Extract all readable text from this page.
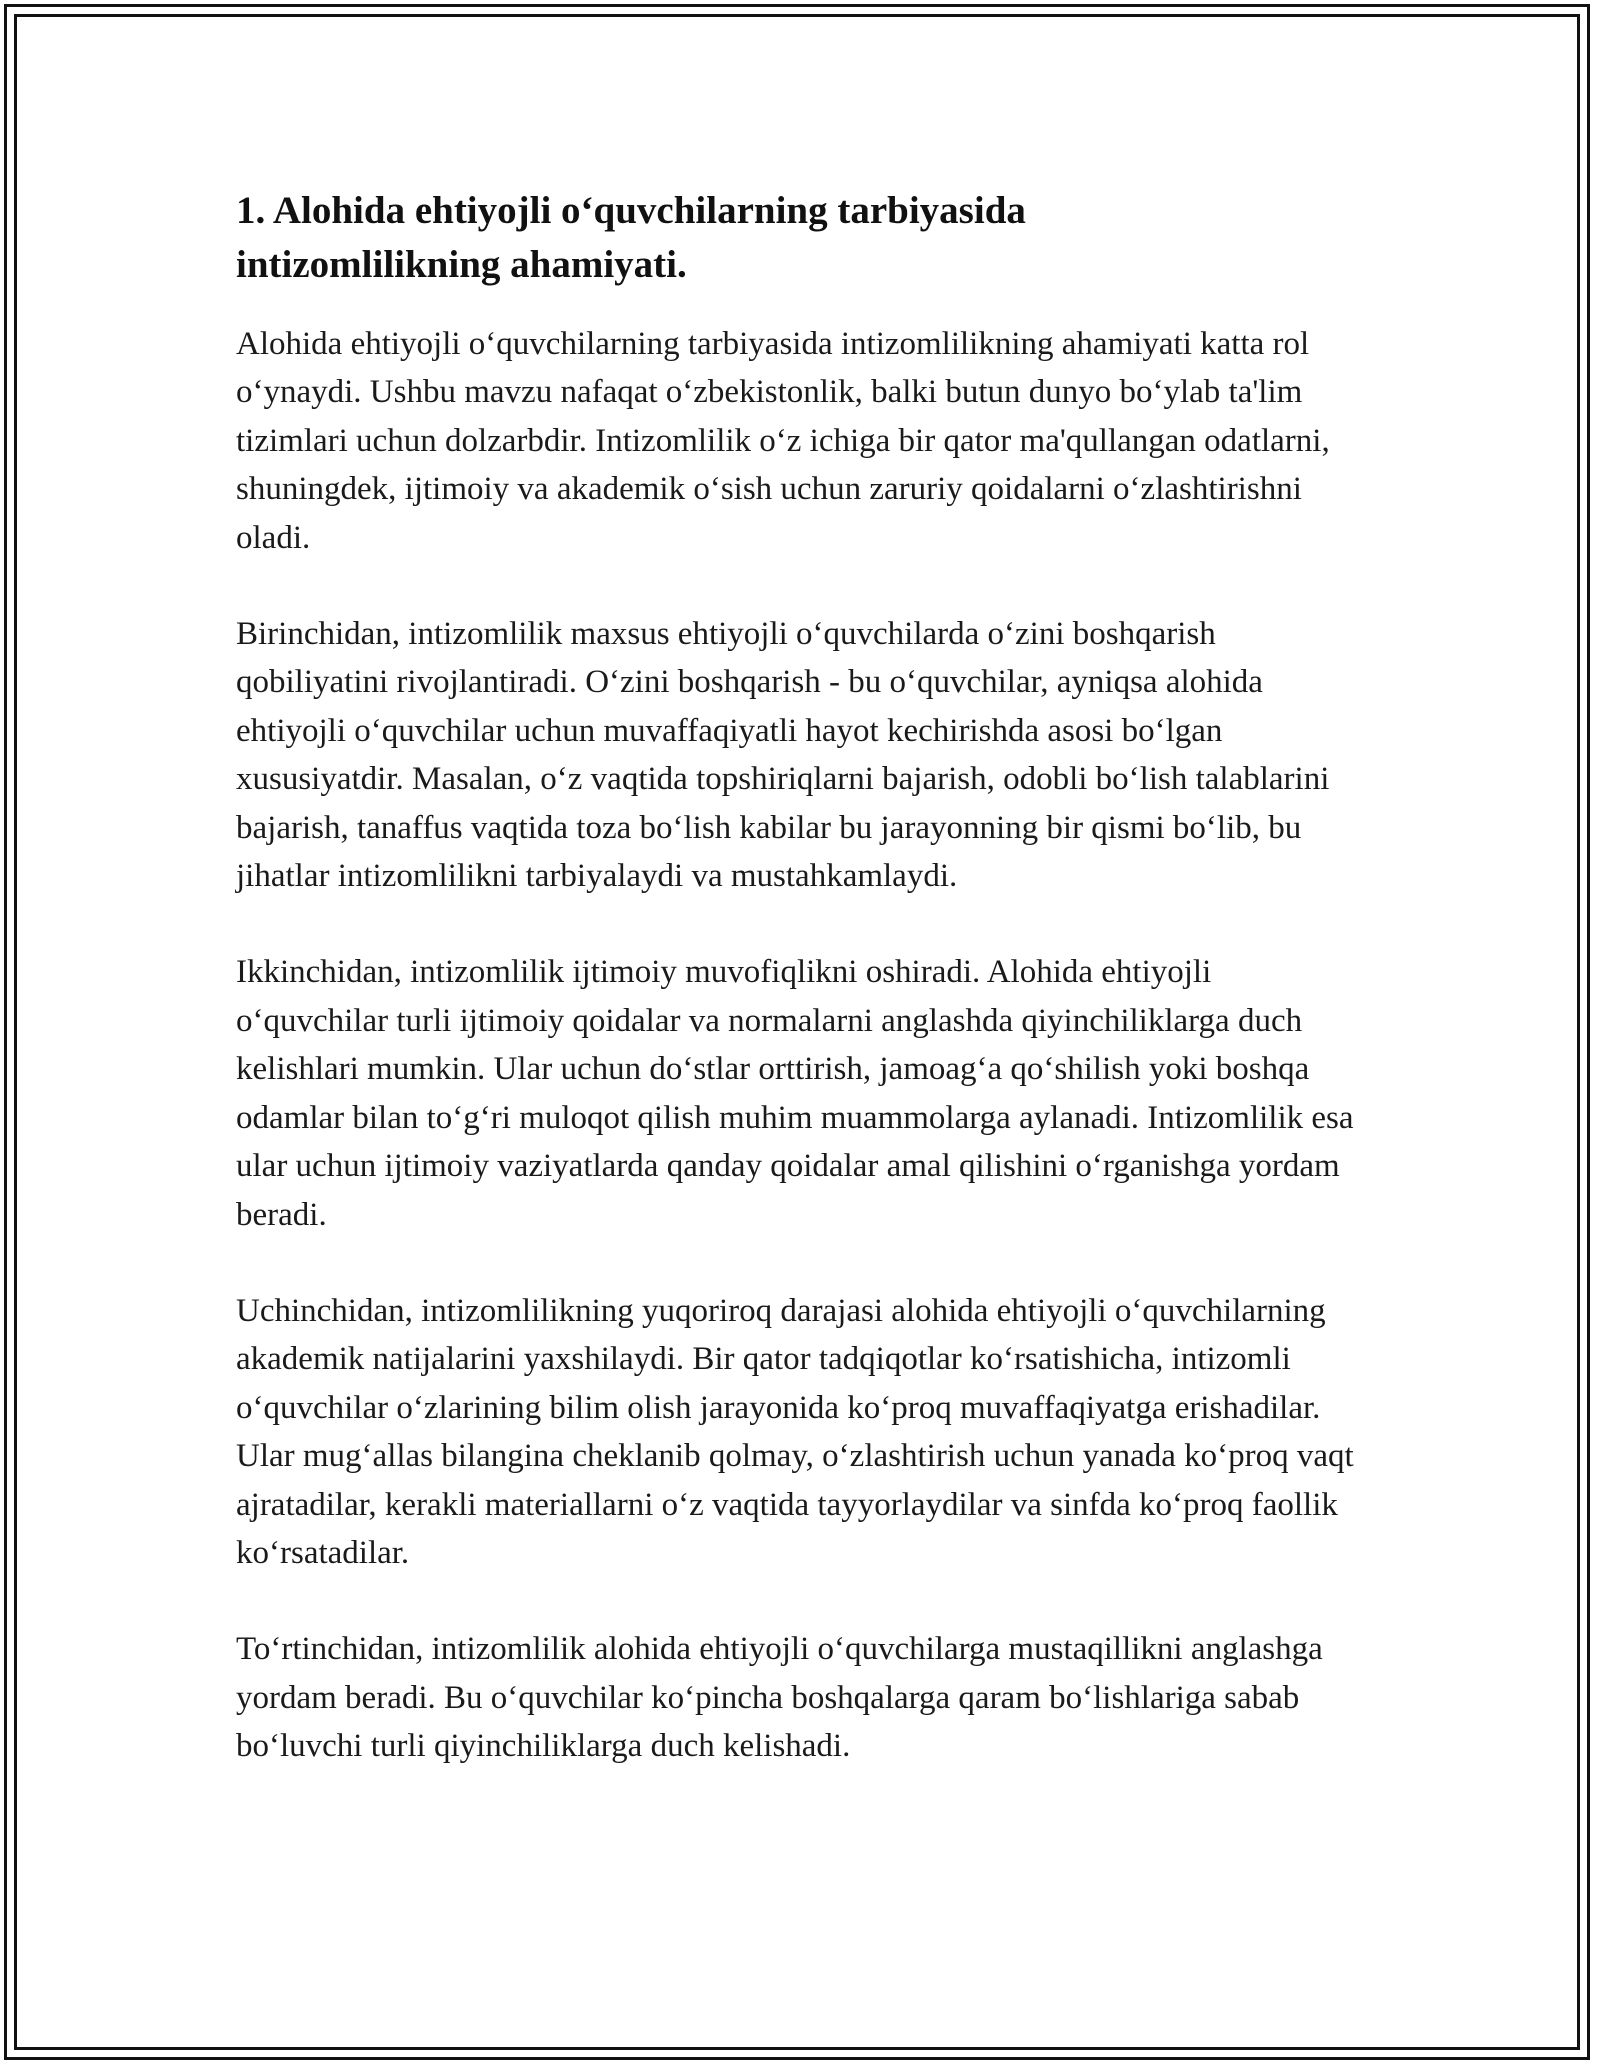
1. Alohida ehtiyojli o‘quvchilarning tarbiyasida
intizomlilikning ahamiyati.

Alohida ehtiyojli o‘quvchilarning tarbiyasida intizomlilikning ahamiyati katta rol o‘ynaydi. Ushbu mavzu nafaqat o‘zbekistonlik, balki butun dunyo bo‘ylab ta'lim tizimlari uchun dolzarbdir. Intizomlilik o‘z ichiga bir qator ma'qullangan odatlarni, shuningdek, ijtimoiy va akademik o‘sish uchun zaruriy qoidalarni o‘zlashtirishni oladi.

Birinchidan, intizomlilik maxsus ehtiyojli o‘quvchilarda o‘zini boshqarish qobiliyatini rivojlantiradi. O‘zini boshqarish - bu o‘quvchilar, ayniqsa alohida ehtiyojli o‘quvchilar uchun muvaffaqiyatli hayot kechirishda asosi bo‘lgan xususiyatdir. Masalan, o‘z vaqtida topshiriqlarni bajarish, odobli bo‘lish talablarini bajarish, tanaffus vaqtida toza bo‘lish kabilar bu jarayonning bir qismi bo‘lib, bu jihatlar intizomlilikni tarbiyalaydi va mustahkamlaydi.

Ikkinchidan, intizomlilik ijtimoiy muvofiqlikni oshiradi. Alohida ehtiyojli o‘quvchilar turli ijtimoiy qoidalar va normalarni anglashda qiyinchiliklarga duch kelishlari mumkin. Ular uchun do‘stlar orttirish, jamoag‘a qo‘shilish yoki boshqa odamlar bilan to‘g‘ri muloqot qilish muhim muammolarga aylanadi. Intizomlilik esa ular uchun ijtimoiy vaziyatlarda qanday qoidalar amal qilishini o‘rganishga yordam beradi.

Uchinchidan, intizomlilikning yuqoriroq darajasi alohida ehtiyojli o‘quvchilarning akademik natijalarini yaxshilaydi. Bir qator tadqiqotlar ko‘rsatishicha, intizomli o‘quvchilar o‘zlarining bilim olish jarayonida ko‘proq muvaffaqiyatga erishadilar. Ular mug‘allas bilangina cheklanib qolmay, o‘zlashtirish uchun yanada ko‘proq vaqt ajratadilar, kerakli materiallarni o‘z vaqtida tayyorlaydilar va sinfda ko‘proq faollik ko‘rsatadilar.

To‘rtinchidan, intizomlilik alohida ehtiyojli o‘quvchilarga mustaqillikni anglashga yordam beradi. Bu o‘quvchilar ko‘pincha boshqalarga qaram bo‘lishlariga sabab bo‘luvchi turli qiyinchiliklarga duch kelishadi.
